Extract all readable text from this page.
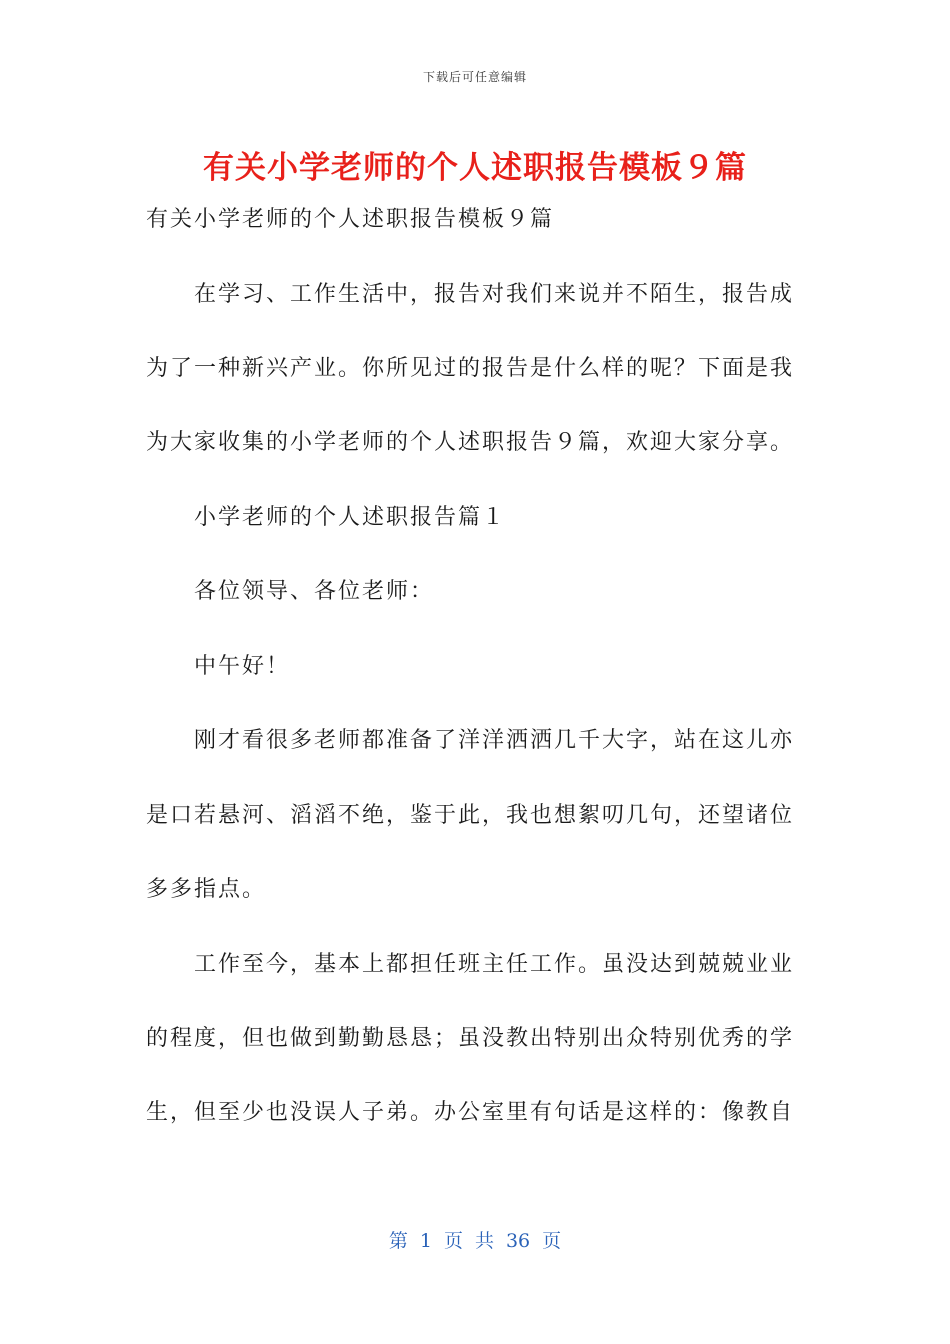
下载后可任意编辑
有关小学老师的个人述职报告模板９篇
有关小学老师的个人述职报告模板９篇
在学习、工作生活中，报告对我们来说并不陌生，报告成
为了一种新兴产业。你所见过的报告是什么样的呢？下面是我
为大家收集的小学老师的个人述职报告９篇，欢迎大家分享。
小学老师的个人述职报告篇１
各位领导、各位老师：
中午好！
刚才看很多老师都准备了洋洋洒洒几千大字，站在这儿亦
是口若悬河、滔滔不绝，鉴于此，我也想絮叨几句，还望诸位
多多指点。
工作至今，基本上都担任班主任工作。虽没达到兢兢业业
的程度，但也做到勤勤恳恳；虽没教出特别出众特别优秀的学
生，但至少也没误人子弟。办公室里有句话是这样的：像教自
第 1 页 共 36 页
